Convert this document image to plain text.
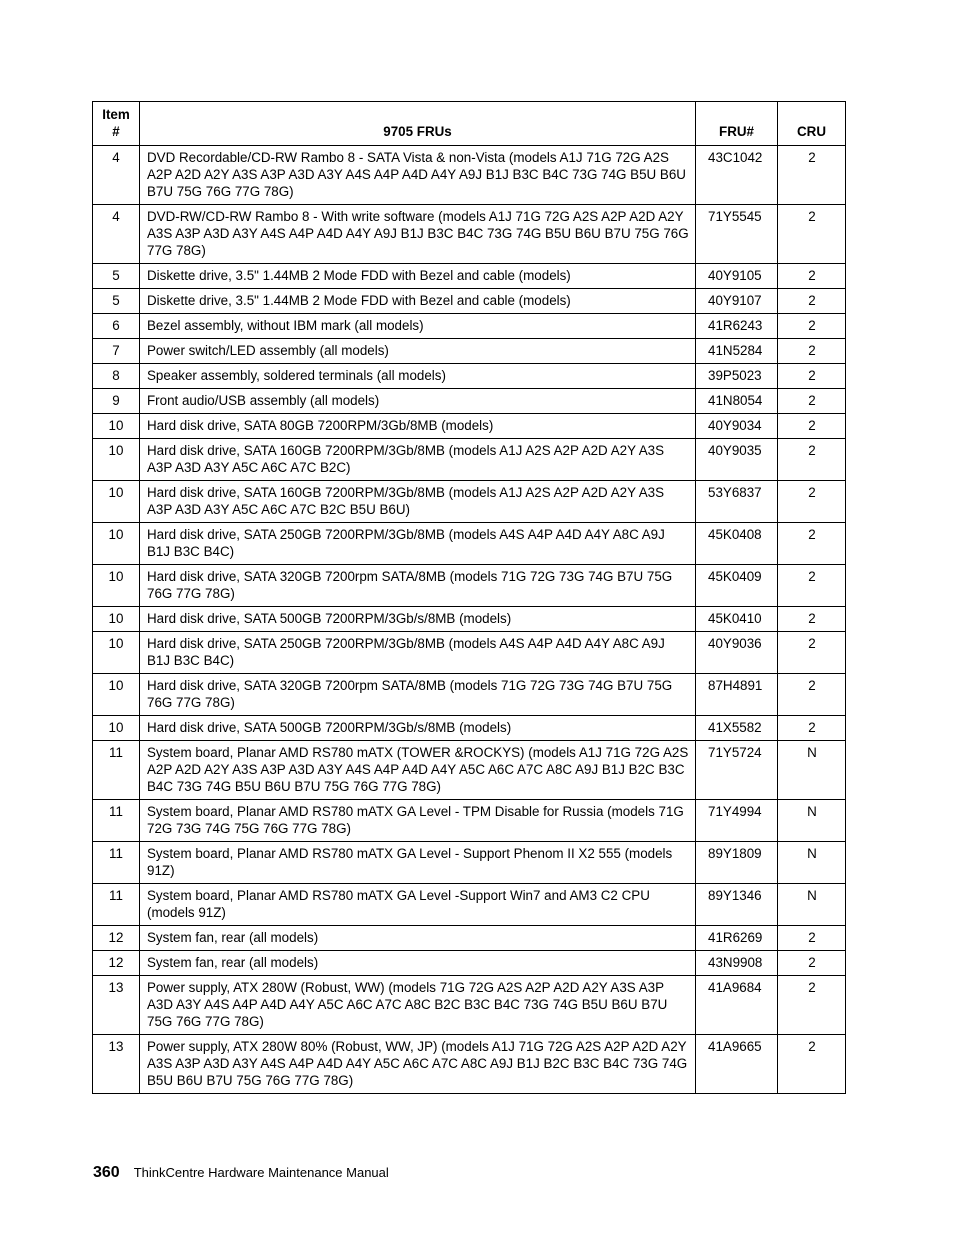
Item
#	9705 FRUs	FRU#	CRU
4	DVD Recordable/CD-RW Rambo 8 - SATA Vista & non-Vista (models A1J 71G 72G A2S A2P A2D A2Y A3S A3P A3D A3Y A4S A4P A4D A4Y A9J B1J B3C B4C 73G 74G B5U B6U B7U 75G 76G 77G 78G)	43C1042	2
4	DVD-RW/CD-RW Rambo 8 - With write software (models A1J 71G 72G A2S A2P A2D A2Y A3S A3P A3D A3Y A4S A4P A4D A4Y A9J B1J B3C B4C 73G 74G B5U B6U B7U 75G 76G 77G 78G)	71Y5545	2
5	Diskette drive, 3.5" 1.44MB 2 Mode FDD with Bezel and cable (models)	40Y9105	2
5	Diskette drive, 3.5" 1.44MB 2 Mode FDD with Bezel and cable (models)	40Y9107	2
6	Bezel assembly, without IBM mark (all models)	41R6243	2
7	Power switch/LED assembly (all models)	41N5284	2
8	Speaker assembly, soldered terminals (all models)	39P5023	2
9	Front audio/USB assembly (all models)	41N8054	2
10	Hard disk drive, SATA 80GB 7200RPM/3Gb/8MB (models)	40Y9034	2
10	Hard disk drive, SATA 160GB 7200RPM/3Gb/8MB (models A1J A2S A2P A2D A2Y A3S A3P A3D A3Y A5C A6C A7C B2C)	40Y9035	2
10	Hard disk drive, SATA 160GB 7200RPM/3Gb/8MB (models A1J A2S A2P A2D A2Y A3S A3P A3D A3Y A5C A6C A7C B2C B5U B6U)	53Y6837	2
10	Hard disk drive, SATA 250GB 7200RPM/3Gb/8MB (models A4S A4P A4D A4Y A8C A9J B1J B3C B4C)	45K0408	2
10	Hard disk drive, SATA 320GB 7200rpm SATA/8MB (models 71G 72G 73G 74G B7U 75G 76G 77G 78G)	45K0409	2
10	Hard disk drive, SATA 500GB 7200RPM/3Gb/s/8MB (models)	45K0410	2
10	Hard disk drive, SATA 250GB 7200RPM/3Gb/8MB (models A4S A4P A4D A4Y A8C A9J B1J B3C B4C)	40Y9036	2
10	Hard disk drive, SATA 320GB 7200rpm SATA/8MB (models 71G 72G 73G 74G B7U 75G 76G 77G 78G)	87H4891	2
10	Hard disk drive, SATA 500GB 7200RPM/3Gb/s/8MB (models)	41X5582	2
11	System board, Planar AMD RS780 mATX (TOWER &ROCKYS) (models A1J 71G 72G A2S A2P A2D A2Y A3S A3P A3D A3Y A4S A4P A4D A4Y A5C A6C A7C A8C A9J B1J B2C B3C B4C 73G 74G B5U B6U B7U 75G 76G 77G 78G)	71Y5724	N
11	System board, Planar AMD RS780 mATX GA Level - TPM Disable for Russia (models 71G 72G 73G 74G 75G 76G 77G 78G)	71Y4994	N
11	System board, Planar AMD RS780 mATX GA Level - Support Phenom II X2 555 (models 91Z)	89Y1809	N
11	System board, Planar AMD RS780 mATX GA Level -Support Win7 and AM3 C2 CPU (models 91Z)	89Y1346	N
12	System fan, rear (all models)	41R6269	2
12	System fan, rear (all models)	43N9908	2
13	Power supply, ATX 280W (Robust, WW) (models 71G 72G A2S A2P A2D A2Y A3S A3P A3D A3Y A4S A4P A4D A4Y A5C A6C A7C A8C B2C B3C B4C 73G 74G B5U B6U B7U 75G 76G 77G 78G)	41A9684	2
13	Power supply, ATX 280W 80% (Robust, WW, JP) (models A1J 71G 72G A2S A2P A2D A2Y A3S A3P A3D A3Y A4S A4P A4D A4Y A5C A6C A7C A8C A9J B1J B2C B3C B4C 73G 74G B5U B6U B7U 75G 76G 77G 78G)	41A9665	2
360 ThinkCentre Hardware Maintenance Manual
